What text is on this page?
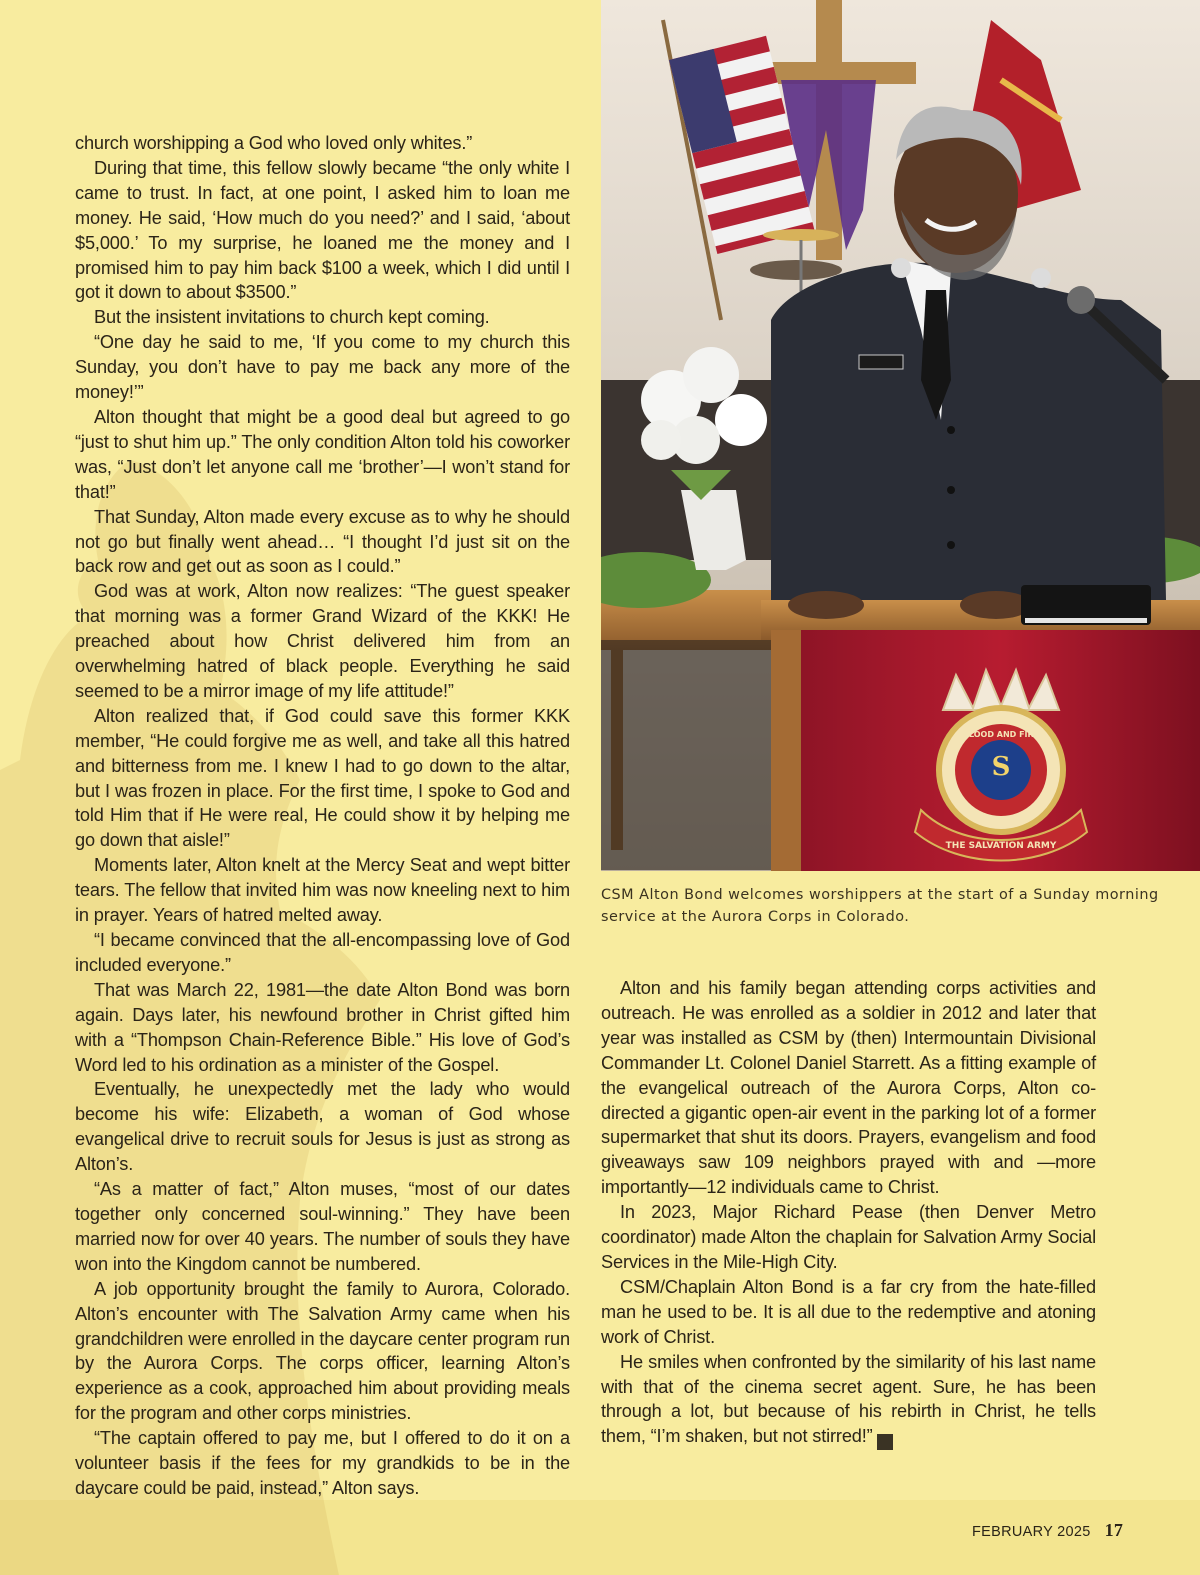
church worshipping a God who loved only whites.”

During that time, this fellow slowly became “the only white I came to trust. In fact, at one point, I asked him to loan me money. He said, ‘How much do you need?’ and I said, ‘about $5,000.’ To my surprise, he loaned me the money and I promised him to pay him back $100 a week, which I did until I got it down to about $3500.”

But the insistent invitations to church kept coming.

“One day he said to me, ‘If you come to my church this Sunday, you don’t have to pay me back any more of the money!’”

Alton thought that might be a good deal but agreed to go “just to shut him up.” The only condition Alton told his coworker was, “Just don’t let anyone call me ‘brother’—I won’t stand for that!”

That Sunday, Alton made every excuse as to why he should not go but finally went ahead… “I thought I’d just sit on the back row and get out as soon as I could.”

God was at work, Alton now realizes: “The guest speaker that morning was a former Grand Wizard of the KKK! He preached about how Christ delivered him from an overwhelming hatred of black people. Everything he said seemed to be a mirror image of my life attitude!”

Alton realized that, if God could save this former KKK member, “He could forgive me as well, and take all this hatred and bitterness from me. I knew I had to go down to the altar, but I was frozen in place. For the first time, I spoke to God and told Him that if He were real, He could show it by helping me go down that aisle!”

Moments later, Alton knelt at the Mercy Seat and wept bitter tears. The fellow that invited him was now kneeling next to him in prayer. Years of hatred melted away.

“I became convinced that the all-encompassing love of God included everyone.”

That was March 22, 1981—the date Alton Bond was born again. Days later, his newfound brother in Christ gifted him with a “Thompson Chain-Reference Bible.” His love of God’s Word led to his ordination as a minister of the Gospel.

Eventually, he unexpectedly met the lady who would become his wife: Elizabeth, a woman of God whose evangelical drive to recruit souls for Jesus is just as strong as Alton’s.

“As a matter of fact,” Alton muses, “most of our dates together only concerned soul-winning.” They have been married now for over 40 years. The number of souls they have won into the Kingdom cannot be numbered.

A job opportunity brought the family to Aurora, Colorado. Alton’s encounter with The Salvation Army came when his grandchildren were enrolled in the daycare center program run by the Aurora Corps. The corps officer, learning Alton’s experience as a cook, approached him about providing meals for the program and other corps ministries.

“The captain offered to pay me, but I offered to do it on a volunteer basis if the fees for my grandkids to be in the daycare could be paid, instead,” Alton says.

S
BLOOD AND FIRE
THE SALVATION ARMY
CSM Alton Bond welcomes worshippers at the start of a Sunday morning service at the Aurora Corps in Colorado.

Alton and his family began attending corps activities and outreach. He was enrolled as a soldier in 2012 and later that year was installed as CSM by (then) Intermountain Divisional Commander Lt. Colonel Daniel Starrett. As a fitting example of the evangelical outreach of the Aurora Corps, Alton co-directed a gigantic open-air event in the parking lot of a former supermarket that shut its doors. Prayers, evangelism and food giveaways saw 109 neighbors prayed with and —more importantly—12 individuals came to Christ.

In 2023, Major Richard Pease (then Denver Metro coordinator) made Alton the chaplain for Salvation Army Social Services in the Mile-High City.

CSM/Chaplain Alton Bond is a far cry from the hate-filled man he used to be. It is all due to the redemptive and atoning work of Christ.

He smiles when confronted by the similarity of his last name with that of the cinema secret agent. Sure, he has been through a lot, but because of his rebirth in Christ, he tells them, “I’m shaken, but not stirred!”	NC

FEBRUARY 2025 17
